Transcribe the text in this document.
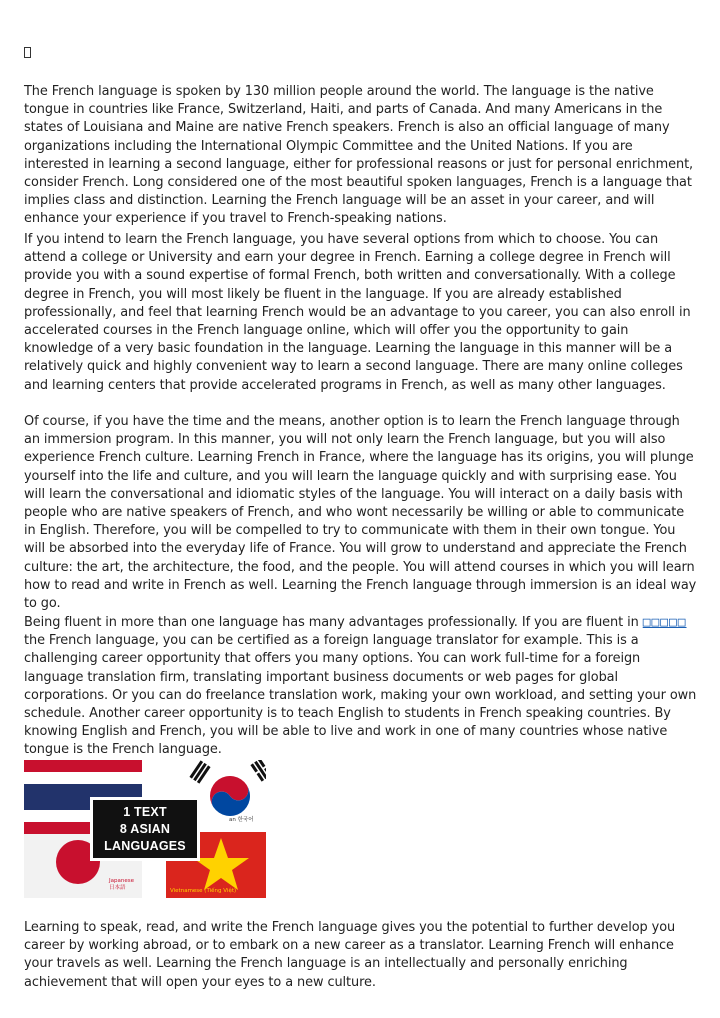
The French language is spoken by 130 million people around the world. The language is the native tongue in countries like France, Switzerland, Haiti, and parts of Canada. And many Americans in the states of Louisiana and Maine are native French speakers. French is also an official language of many organizations including the International Olympic Committee and the United Nations. If you are interested in learning a second language, either for professional reasons or just for personal enrichment, consider French. Long considered one of the most beautiful spoken languages, French is a language that implies class and distinction. Learning the French language will be an asset in your career, and will enhance your experience if you travel to French-speaking nations.

If you intend to learn the French language, you have several options from which to choose. You can attend a college or University and earn your degree in French. Earning a college degree in French will provide you with a sound expertise of formal French, both written and conversationally. With a college degree in French, you will most likely be fluent in the language. If you are already established professionally, and feel that learning French would be an advantage to you career, you can also enroll in accelerated courses in the French language online, which will offer you the opportunity to gain knowledge of a very basic foundation in the language. Learning the language in this manner will be a relatively quick and highly convenient way to learn a second language. There are many online colleges and learning centers that provide accelerated programs in French, as well as many other languages.

Of course, if you have the time and the means, another option is to learn the French language through an immersion program. In this manner, you will not only learn the French language, but you will also experience French culture. Learning French in France, where the language has its origins, you will plunge yourself into the life and culture, and you will learn the language quickly and with surprising ease. You will learn the conversational and idiomatic styles of the language. You will interact on a daily basis with people who are native speakers of French, and who wont necessarily be willing or able to communicate in English. Therefore, you will be compelled to try to communicate with them in their own tongue. You will be absorbed into the everyday life of France. You will grow to understand and appreciate the French culture: the art, the architecture, the food, and the people. You will attend courses in which you will learn how to read and write in French as well. Learning the French language through immersion is an ideal way to go.

Being fluent in more than one language has many advantages professionally. If you are fluent in □□□□□ the French language, you can be certified as a foreign language translator for example. This is a challenging career opportunity that offers you many options. You can work full-time for a foreign language translation firm, translating important business documents or web pages for global corporations. Or you can do freelance translation work, making your own workload, and setting your own schedule. Another career opportunity is to teach English to students in French speaking countries. By knowing English and French, you will be able to live and work in one of many countries whose native tongue is the French language.

an 한국어
Japanese
日本語	Vietnamese (Tiếng Việt)
1 TEXT
8 ASIAN
LANGUAGES

Learning to speak, read, and write the French language gives you the potential to further develop you career by working abroad, or to embark on a new career as a translator. Learning French will enhance your travels as well. Learning the French language is an intellectually and personally enriching achievement that will open your eyes to a new culture.
